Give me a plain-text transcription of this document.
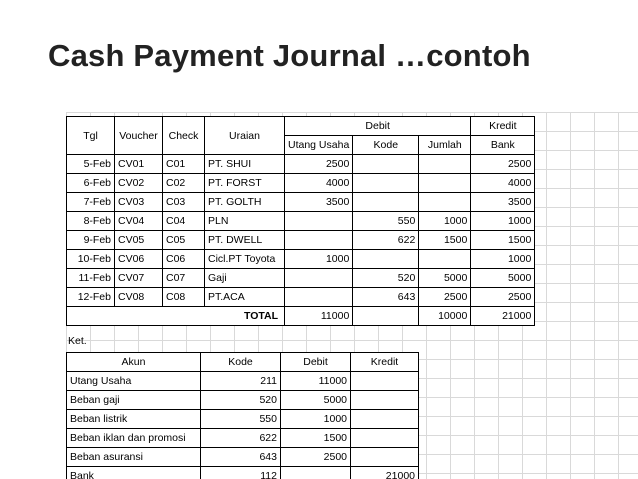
Cash Payment Journal …contoh
Tgl	Voucher	Check	Uraian	Debit			Kredit
				Utang Usaha	Kode	Jumlah	Bank
5-Feb	CV01	C01	PT. SHUI	2500			2500
6-Feb	CV02	C02	PT. FORST	4000			4000
7-Feb	CV03	C03	PT. GOLTH	3500			3500
8-Feb	CV04	C04	PLN		550	1000	1000
9-Feb	CV05	C05	PT. DWELL		622	1500	1500
10-Feb	CV06	C06	Cicl.PT Toyota	1000			1000
11-Feb	CV07	C07	Gaji		520	5000	5000
12-Feb	CV08	C08	PT.ACA		643	2500	2500
TOTAL				11000		10000	21000
Ket.
Akun	Kode	Debit	Kredit
Utang Usaha	211	11000	
Beban gaji	520	5000	
Beban listrik	550	1000	
Beban iklan dan promosi	622	1500	
Beban asuransi	643	2500	
Bank	112		21000
